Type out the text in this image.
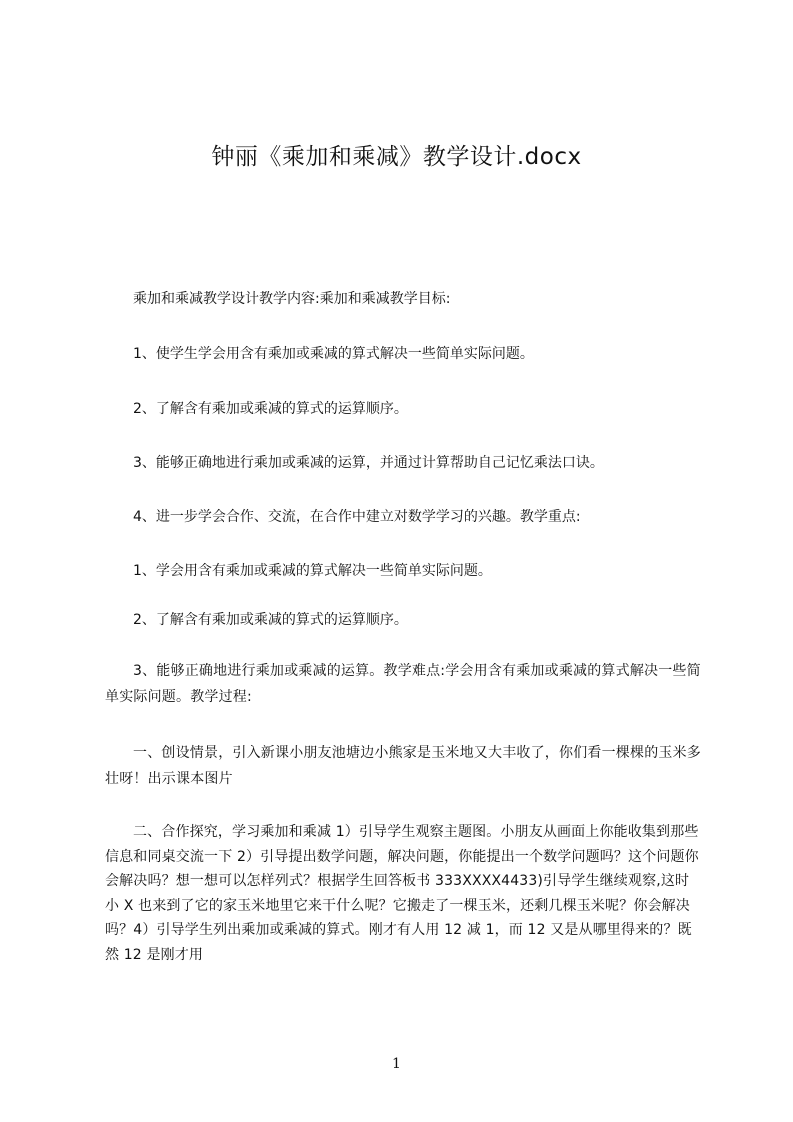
钟丽《乘加和乘减》教学设计.docx

乘加和乘减教学设计教学内容:乘加和乘减教学目标:

1、使学生学会用含有乘加或乘减的算式解决一些简单实际问题。

2、了解含有乘加或乘减的算式的运算顺序。

3、能够正确地进行乘加或乘减的运算，并通过计算帮助自己记忆乘法口诀。

4、进一步学会合作、交流，在合作中建立对数学学习的兴趣。教学重点:

1、学会用含有乘加或乘减的算式解决一些简单实际问题。

2、了解含有乘加或乘减的算式的运算顺序。

3、能够正确地进行乘加或乘减的运算。教学难点:学会用含有乘加或乘减的算式解决一些简单实际问题。教学过程:

一、创设情景，引入新课小朋友池塘边小熊家是玉米地又大丰收了，你们看一棵棵的玉米多壮呀！出示课本图片

二、合作探究，学习乘加和乘减 1）引导学生观察主题图。小朋友从画面上你能收集到那些信息和同桌交流一下 2）引导提出数学问题，解决问题，你能提出一个数学问题吗？这个问题你会解决吗？想一想可以怎样列式？根据学生回答板书 333XXXX4433)引导学生继续观察,这时小 X 也来到了它的家玉米地里它来干什么呢？它搬走了一棵玉米，还剩几棵玉米呢？你会解决吗？4）引导学生列出乘加或乘减的算式。刚才有人用 12 减 1，而 12 又是从哪里得来的？既然 12 是刚才用

1
